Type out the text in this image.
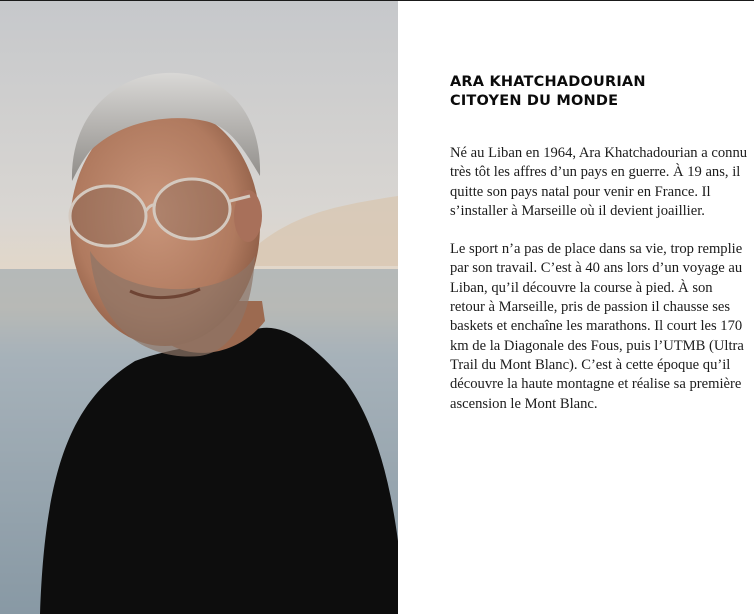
ARA KHATCHADOURIAN
CITOYEN DU MONDE

Né au Liban en 1964, Ara Khatchadourian a connu très tôt les affres d’un pays en guerre. À 19 ans, il quitte son pays natal pour venir en France. Il s’installer à Marseille où il devient joaillier.

Le sport n’a pas de place dans sa vie, trop remplie par son travail. C’est à 40 ans lors d’un voyage au Liban, qu’il découvre la course à pied. À son retour à Marseille, pris de passion il chausse ses baskets et enchaîne les marathons. Il court les 170 km de la Diagonale des Fous, puis l’UTMB (Ultra Trail du Mont Blanc). C’est à cette époque qu’il découvre la haute montagne et réalise sa première ascension le Mont Blanc.
